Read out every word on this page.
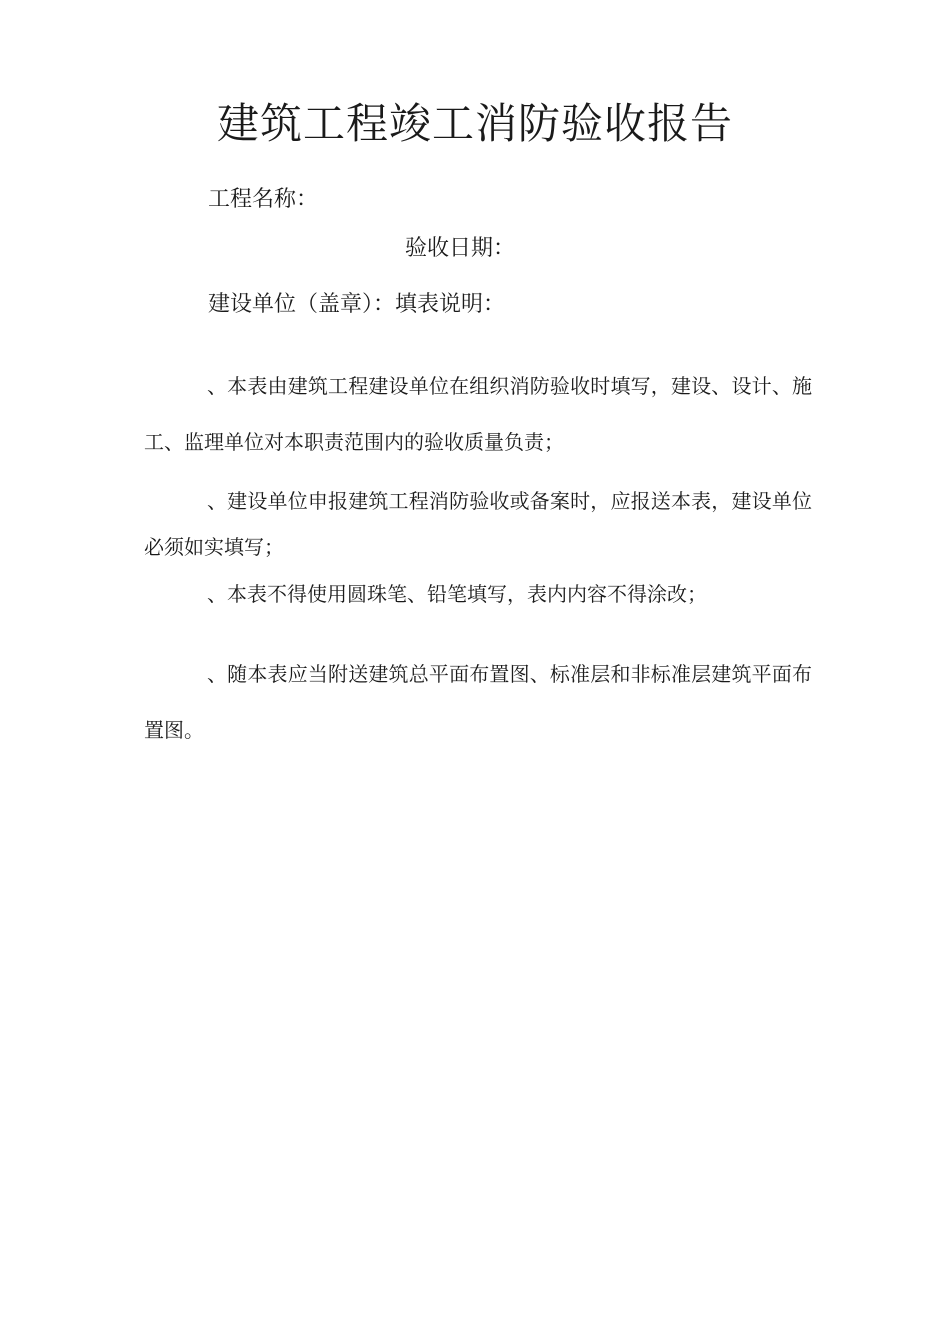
建筑工程竣工消防验收报告

工程名称：

验收日期：

建设单位（盖章）：填表说明：

、本表由建筑工程建设单位在组织消防验收时填写，建设、设计、施工、监理单位对本职责范围内的验收质量负责；

、建设单位申报建筑工程消防验收或备案时，应报送本表，建设单位必须如实填写；

、本表不得使用圆珠笔、铅笔填写，表内内容不得涂改；

、随本表应当附送建筑总平面布置图、标准层和非标准层建筑平面布置图。
